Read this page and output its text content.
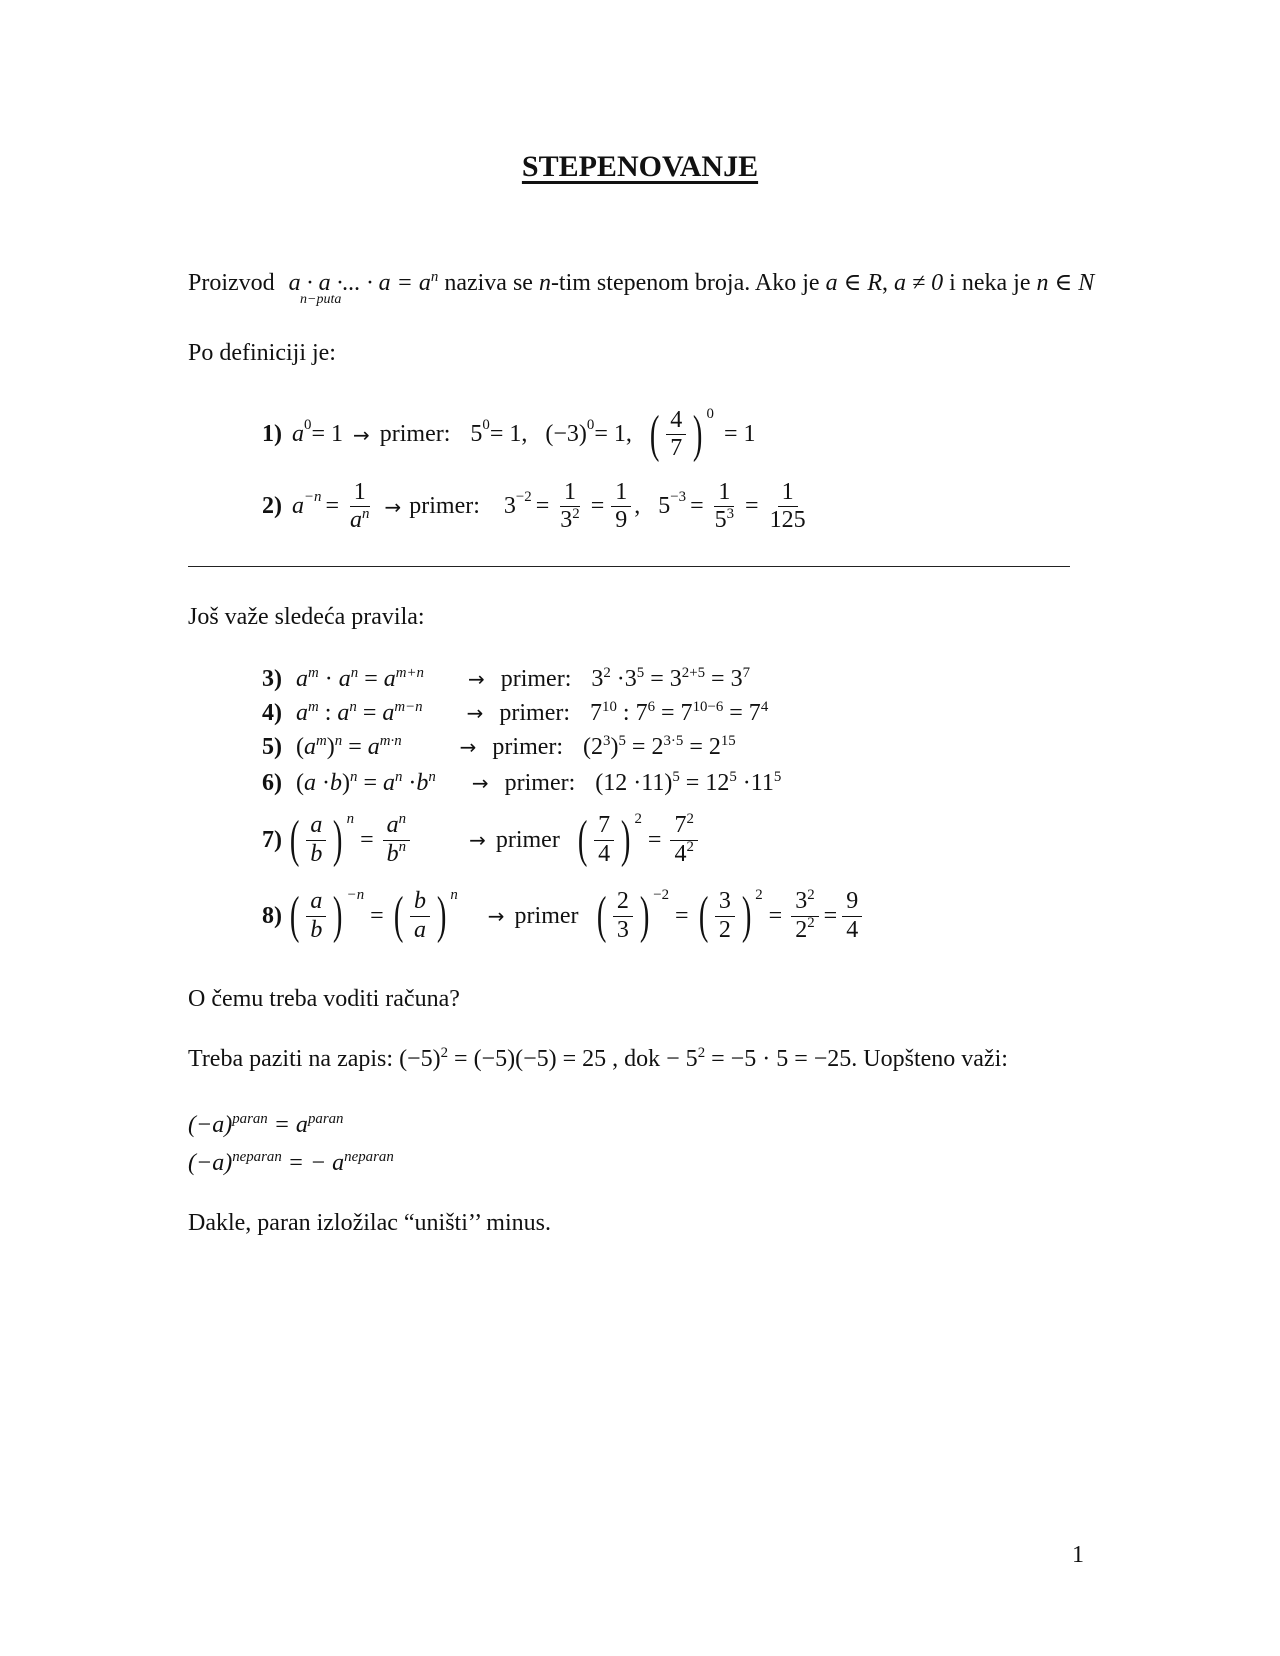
STEPENOVANJE
Proizvod a · a ·... · $a = a^n$ naziva se n-tim stepenom broja. Ako je a ∈ R, a ≠ 0 i neka je n ∈ N
n−puta
Po definiciji je:
1) $a^0 = 1$ → primer: $5^0 = 1$, $(-3)^0 = 1$, ( $\frac{4}{7}$ ) $^0$
= 1
2) $a^{-n} = \frac{1}{a^n}$ → primer: $3^{-2} = \frac{1}{3^2} = \frac{1}{9}$ , $5^{-3} = \frac{1}{5^3} = \frac{1}{125}$
Još važe sledeća pravila:
3) $a^m \cdot a^n = a^{m+n}$ → primer: $3^2 \cdot 3^5 = 3^{2+5} = 3^7$
4) $a^m$ : $a^n = a^{m-n}$ → primer: $7^{10}$ : $7^6 = 7^{10-6} = 7^4$
5) $(a^m)^n = a^{m\cdot n}$	→ primer: $(2^3)^5 = 2^{3\cdot 5} = 2^{15}$
6) $(a \cdot b)^n = a^n \cdot b^n$ → primer: $(12 \cdot 11)^5 = 12^5 \cdot 11^5$
7) ( $\frac{a}{b}$ ) $^n$
= $\frac{a^n}{b^n}$	→ primer ( $\frac{7}{4}$ ) $^2$
= $\frac{7^2}{4^2}$
8) ( $\frac{a}{b}$ ) $^{-n}$
= ( $\frac{b}{a}$ ) $^n$
→ primer ( $\frac{2}{3}$ ) $^{-2}$
= ( $\frac{3}{2}$ ) $^2$
= $\frac{3^2}{2^2} = \frac{9}{4}$
O čemu treba voditi računa?
Treba paziti na zapis: $(-5)^2 = (-5)(-5) = 25$ , dok − $5^2 = -5 \cdot 5 = -25$. Uopšteno važi:
$(-a)^{paran} = a^{paran}$
$(-a)^{neparan}$ = − $a^{neparan}$
Dakle, paran izložilac “uništi’’ minus.
1
